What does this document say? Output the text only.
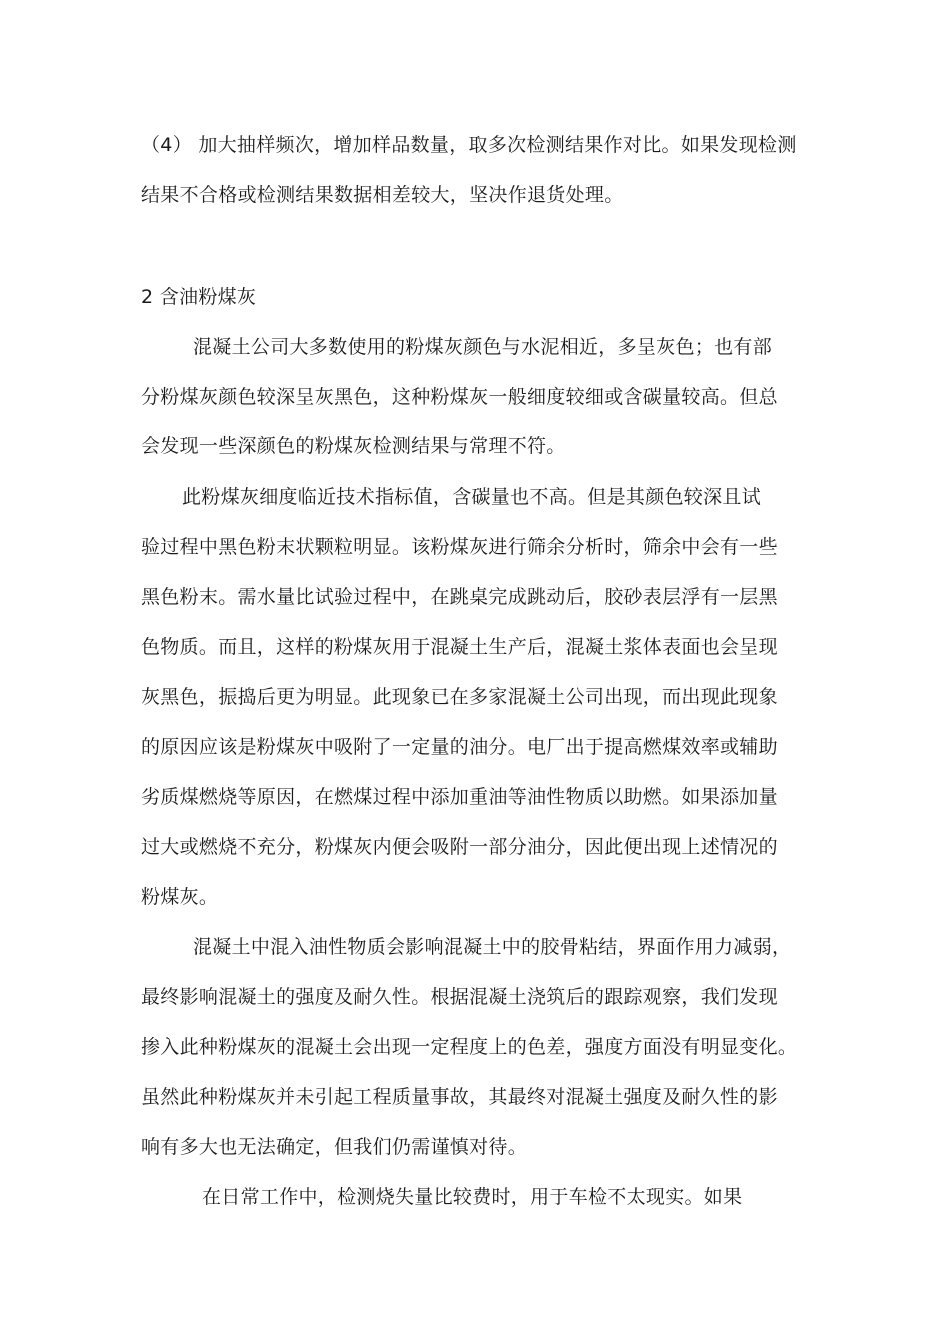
（4） 加大抽样频次，增加样品数量，取多次检测结果作对比。如果发现检测
结果不合格或检测结果数据相差较大，坚决作退货处理。
2 含油粉煤灰
混凝土公司大多数使用的粉煤灰颜色与水泥相近，多呈灰色；也有部
分粉煤灰颜色较深呈灰黑色，这种粉煤灰一般细度较细或含碳量较高。但总
会发现一些深颜色的粉煤灰检测结果与常理不符。
此粉煤灰细度临近技术指标值，含碳量也不高。但是其颜色较深且试
验过程中黑色粉末状颗粒明显。该粉煤灰进行筛余分析时，筛余中会有一些
黑色粉末。需水量比试验过程中，在跳桌完成跳动后，胶砂表层浮有一层黑
色物质。而且，这样的粉煤灰用于混凝土生产后，混凝土浆体表面也会呈现
灰黑色，振捣后更为明显。此现象已在多家混凝土公司出现，而出现此现象
的原因应该是粉煤灰中吸附了一定量的油分。电厂出于提高燃煤效率或辅助
劣质煤燃烧等原因，在燃煤过程中添加重油等油性物质以助燃。如果添加量
过大或燃烧不充分，粉煤灰内便会吸附一部分油分，因此便出现上述情况的
粉煤灰。
混凝土中混入油性物质会影响混凝土中的胶骨粘结，界面作用力减弱，
最终影响混凝土的强度及耐久性。根据混凝土浇筑后的跟踪观察，我们发现
掺入此种粉煤灰的混凝土会出现一定程度上的色差，强度方面没有明显变化。
虽然此种粉煤灰并未引起工程质量事故，其最终对混凝土强度及耐久性的影
响有多大也无法确定，但我们仍需谨慎对待。
在日常工作中，检测烧失量比较费时，用于车检不太现实。如果
